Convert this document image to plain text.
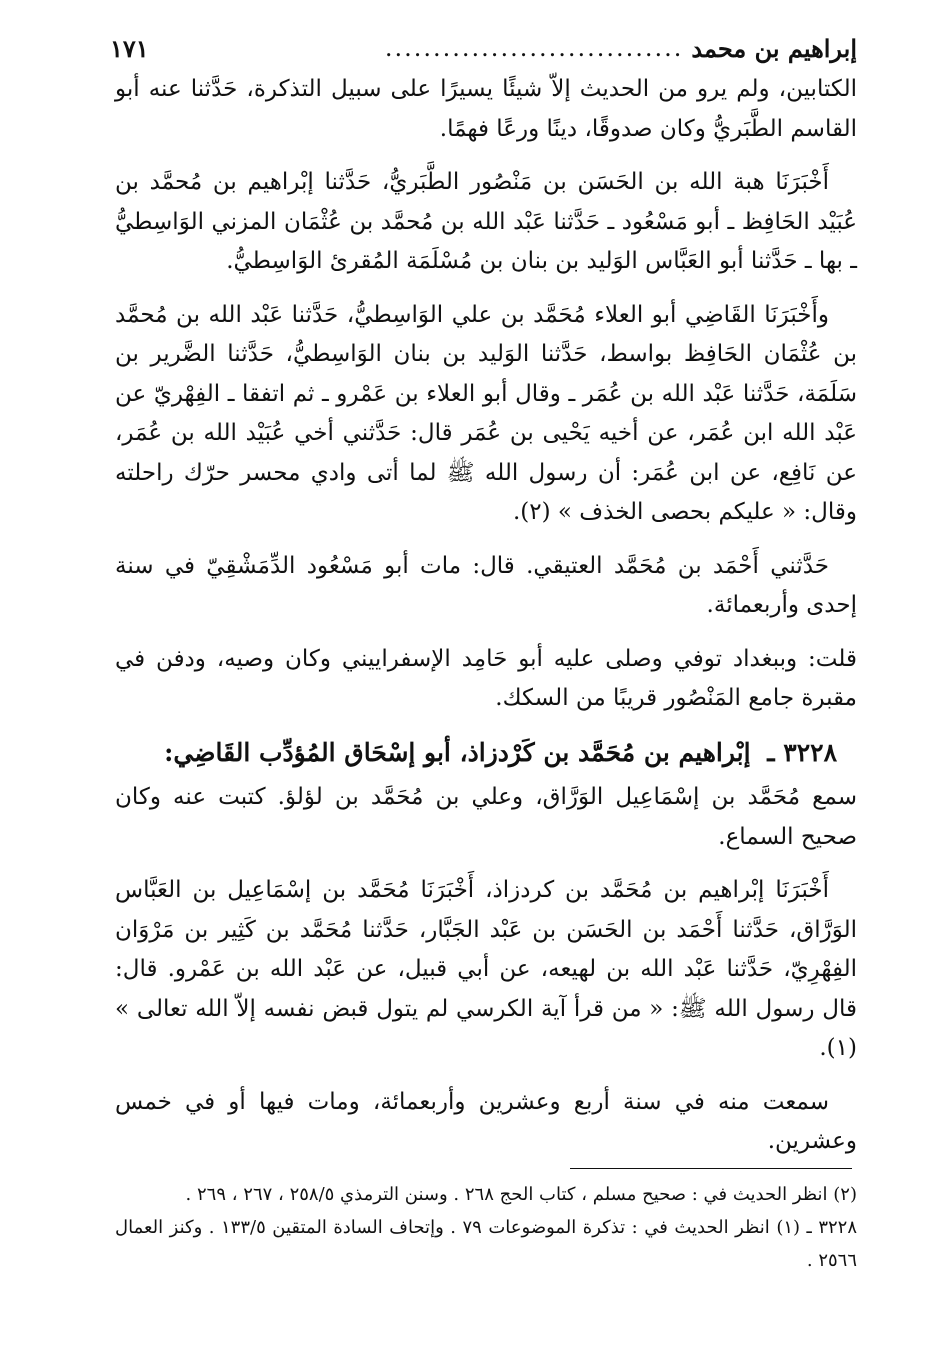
إبراهيم بن محمد
...............................
١٧١

الكتابين، ولم يرو من الحديث إلاّ شيئًا يسيرًا على سبيل التذكرة، حَدَّثنا عنه أبو القاسم الطَّبَريُّ وكان صدوقًا، دينًا ورعًا فهمًا.

أَخْبَرَنَا هبة الله بن الحَسَن بن مَنْصُور الطَّبَريُّ، حَدَّثنا إبْراهيم بن مُحمَّد بن عُبَيْد الحَافِظ ـ أبو مَسْعُود ـ حَدَّثنا عَبْد الله بن مُحمَّد بن عُثْمَان المزني الوَاسِطيُّ ـ بها ـ حَدَّثنا أبو العَبَّاس الوَليد بن بنان بن مُسْلَمَة المُقرئ الوَاسِطيُّ.

وأَخْبَرَنَا القَاضِي أبو العلاء مُحَمَّد بن علي الوَاسِطيُّ، حَدَّثنا عَبْد الله بن مُحمَّد بن عُثْمَان الحَافِظ بواسط، حَدَّثنا الوَليد بن بنان الوَاسِطيُّ، حَدَّثنا الضَّرير بن سَلَمَة، حَدَّثنا عَبْد الله بن عُمَر ـ وقال أبو العلاء بن عَمْرو ـ ثم اتفقا ـ الفِهْريّ عن عَبْد الله ابن عُمَر، عن أخيه يَحْيى بن عُمَر قال: حَدَّثني أخي عُبَيْد الله بن عُمَر، عن نَافِع، عن ابن عُمَر: أن رسول الله ﷺ لما أتى وادي محسر حرّك راحلته وقال: « عليكم بحصى الخذف » (٢).

حَدَّثني أَحْمَد بن مُحَمَّد العتيقي. قال: مات أبو مَسْعُود الدِّمَشْقِيّ في سنة إحدى وأربعمائة.

قلت: وببغداد توفي وصلى عليه أبو حَامِد الإسفراييني وكان وصيه، ودفن في مقبرة جامع المَنْصُور قريبًا من السكك.

٣٢٢٨ ـ إبْراهيم بن مُحَمَّد بن كَرْدزاذ، أبو إسْحَاق المُؤدِّب القَاضِي:

سمع مُحَمَّد بن إسْمَاعِيل الوَرَّاق، وعلي بن مُحَمَّد بن لؤلؤ. كتبت عنه وكان صحيح السماع.

أَخْبَرَنَا إبْراهيم بن مُحَمَّد بن كردزاذ، أَخْبَرَنَا مُحَمَّد بن إسْمَاعِيل بن العَبَّاس الوَرَّاق، حَدَّثنا أَحْمَد بن الحَسَن بن عَبْد الجَبَّار، حَدَّثنا مُحَمَّد بن كَثِير بن مَرْوَان الفِهْرِيّ، حَدَّثنا عَبْد الله بن لهيعه، عن أبي قبيل، عن عَبْد الله بن عَمْرو. قال: قال رسول الله ﷺ: « من قرأ آية الكرسي لم يتول قبض نفسه إلاّ الله تعالى » (١).

سمعت منه في سنة أربع وعشرين وأربعمائة، ومات فيها أو في خمس وعشرين.

(٢) انظر الحديث في : صحيح مسلم ، كتاب الحج ٢٦٨ . وسنن الترمذي ٢٥٨/٥ ، ٢٦٧ ، ٢٦٩ .

٣٢٢٨ ـ (١) انظر الحديث في : تذكرة الموضوعات ٧٩ . وإتحاف السادة المتقين ١٣٣/٥ . وكنز العمال ٢٥٦٦ .
